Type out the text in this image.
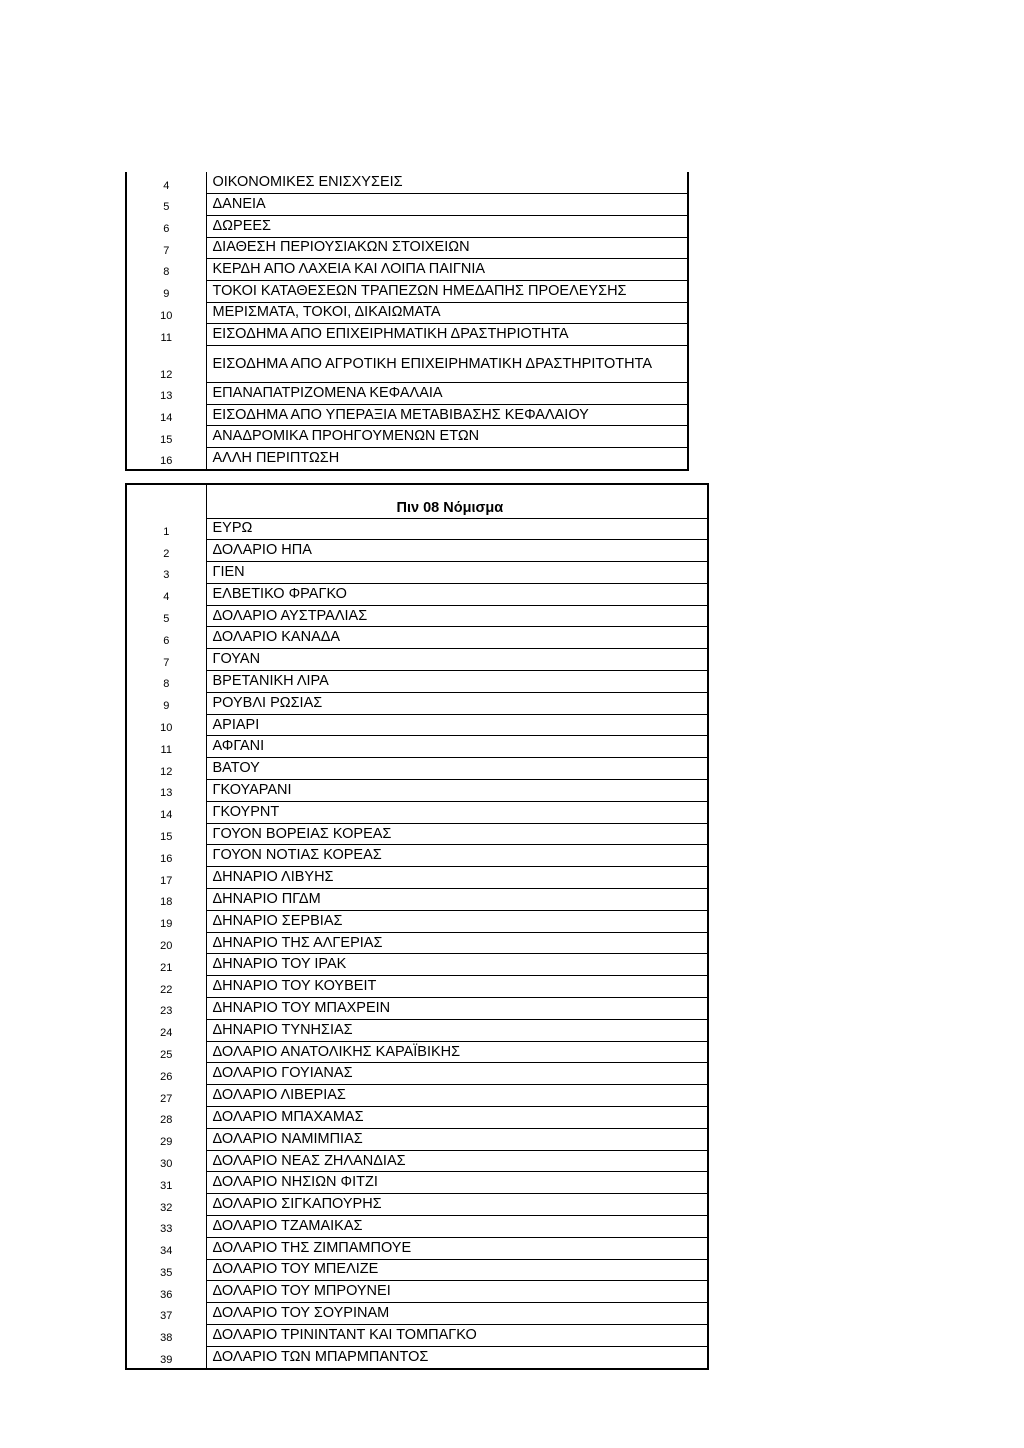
4	ΟΙΚΟΝΟΜΙΚΕΣ ΕΝΙΣΧΥΣΕΙΣ
5	ΔΑΝΕΙΑ
6	ΔΩΡΕΕΣ
7	ΔΙΑΘΕΣΗ ΠΕΡΙΟΥΣΙΑΚΩΝ ΣΤΟΙΧΕΙΩΝ
8	ΚΕΡΔΗ ΑΠΟ ΛΑΧΕΙΑ ΚΑΙ ΛΟΙΠΑ ΠΑΙΓΝΙΑ
9	ΤΟΚΟΙ ΚΑΤΑΘΕΣΕΩΝ ΤΡΑΠΕΖΩΝ ΗΜΕΔΑΠΗΣ ΠΡΟΕΛΕΥΣΗΣ
10	ΜΕΡΙΣΜΑΤΑ, ΤΟΚΟΙ, ΔΙΚΑΙΩΜΑΤΑ
11	ΕΙΣΟΔΗΜΑ ΑΠΟ ΕΠΙΧΕΙΡΗΜΑΤΙΚΗ ΔΡΑΣΤΗΡΙΟΤΗΤΑ
12	ΕΙΣΟΔΗΜΑ ΑΠΟ ΑΓΡΟΤΙΚΗ ΕΠΙΧΕΙΡΗΜΑΤΙΚΗ ΔΡΑΣΤΗΡΙΤΟΤΗΤΑ
13	ΕΠΑΝΑΠΑΤΡΙΖΟΜΕΝΑ ΚΕΦΑΛΑΙΑ
14	ΕΙΣΟΔΗΜΑ ΑΠΟ ΥΠΕΡΑΞΙΑ ΜΕΤΑΒΙΒΑΣΗΣ ΚΕΦΑΛΑΙΟΥ
15	ΑΝΑΔΡΟΜΙΚΑ ΠΡΟΗΓΟΥΜΕΝΩΝ ΕΤΩΝ
16	ΑΛΛΗ ΠΕΡΙΠΤΩΣΗ
	Πιν 08 Νόμισμα
1	ΕΥΡΩ
2	ΔΟΛΑΡΙΟ ΗΠΑ
3	ΓΙΕΝ
4	ΕΛΒΕΤΙΚΟ ΦΡΑΓΚΟ
5	ΔΟΛΑΡΙΟ ΑΥΣΤΡΑΛΙΑΣ
6	ΔΟΛΑΡΙΟ ΚΑΝΑΔΑ
7	ΓΟΥΑΝ
8	ΒΡΕΤΑΝΙΚΗ ΛΙΡΑ
9	ΡΟΥΒΛΙ ΡΩΣΙΑΣ
10	ΑΡΙΑΡΙ
11	ΑΦΓΑΝΙ
12	ΒΑΤΟΥ
13	ΓΚΟΥΑΡΑΝΙ
14	ΓΚΟΥΡΝΤ
15	ΓΟΥΟΝ ΒΟΡΕΙΑΣ ΚΟΡΕΑΣ
16	ΓΟΥΟΝ ΝΟΤΙΑΣ ΚΟΡΕΑΣ
17	ΔΗΝΑΡΙΟ ΛΙΒΥΗΣ
18	ΔΗΝΑΡΙΟ ΠΓΔΜ
19	ΔΗΝΑΡΙΟ ΣΕΡΒΙΑΣ
20	ΔΗΝΑΡΙΟ ΤΗΣ ΑΛΓΕΡΙΑΣ
21	ΔΗΝΑΡΙΟ ΤΟΥ ΙΡΑΚ
22	ΔΗΝΑΡΙΟ ΤΟΥ ΚΟΥΒΕΙΤ
23	ΔΗΝΑΡΙΟ ΤΟΥ ΜΠΑΧΡΕΙΝ
24	ΔΗΝΑΡΙΟ ΤΥΝΗΣΙΑΣ
25	ΔΟΛΑΡΙΟ ΑΝΑΤΟΛΙΚΗΣ ΚΑΡΑΪΒΙΚΗΣ
26	ΔΟΛΑΡΙΟ ΓΟΥΙΑΝΑΣ
27	ΔΟΛΑΡΙΟ ΛΙΒΕΡΙΑΣ
28	ΔΟΛΑΡΙΟ ΜΠΑΧΑΜΑΣ
29	ΔΟΛΑΡΙΟ ΝΑΜΙΜΠΙΑΣ
30	ΔΟΛΑΡΙΟ ΝΕΑΣ ΖΗΛΑΝΔΙΑΣ
31	ΔΟΛΑΡΙΟ ΝΗΣΙΩΝ ΦΙΤΖΙ
32	ΔΟΛΑΡΙΟ ΣΙΓΚΑΠΟΥΡΗΣ
33	ΔΟΛΑΡΙΟ ΤΖΑΜΑΙΚΑΣ
34	ΔΟΛΑΡΙΟ ΤΗΣ ΖΙΜΠΑΜΠΟΥΕ
35	ΔΟΛΑΡΙΟ ΤΟΥ ΜΠΕΛΙΖΕ
36	ΔΟΛΑΡΙΟ ΤΟΥ ΜΠΡΟΥΝΕΙ
37	ΔΟΛΑΡΙΟ ΤΟΥ ΣΟΥΡΙΝΑΜ
38	ΔΟΛΑΡΙΟ ΤΡΙΝΙΝΤΑΝΤ ΚΑΙ ΤΟΜΠΑΓΚΟ
39	ΔΟΛΑΡΙΟ ΤΩΝ ΜΠΑΡΜΠΑΝΤΟΣ
